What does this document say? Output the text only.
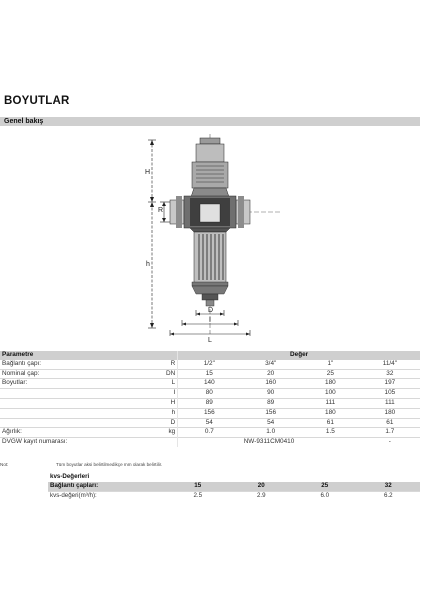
BOYUTLAR
Genel bakış
H
R
h
D
I
L
Parametre		Değer			
Bağlantı çapı:	R	1/2"	3/4"	1"	11/4"
Nominal çap:	DN	15	20	25	32
Boyutlar:	L	140	160	180	197
	I	80	90	100	105
	H	89	89	111	111
	h	156	156	180	180
	D	54	54	61	61
Ağırlık:	kg	0.7	1.0	1.5	1.7
DVGW kayıt numarası:		NW-9311CM0410			-
Not:	Tüm boyutlar aksi belirtilmedikçe mm olarak belirtilir.
kvs-Değerleri
Bağlantı çapları:	15	20	25	32
kvs-değeri(m³/h):	2.5	2.9	6.0	6.2
